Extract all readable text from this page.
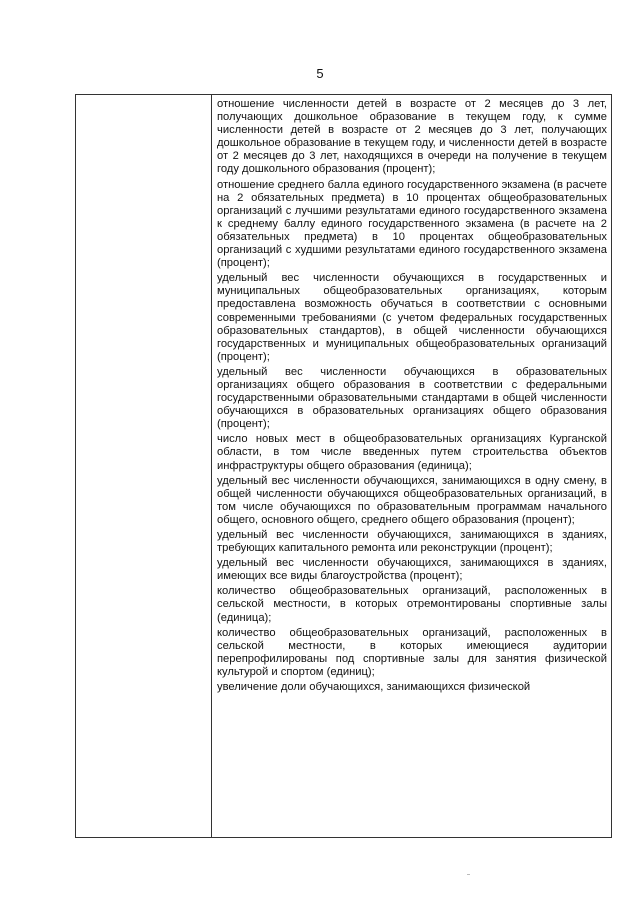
5

отношение численности детей в возрасте от 2 месяцев до 3 лет, получающих дошкольное образование в текущем году, к сумме численности детей в возрасте от 2 месяцев до 3 лет, получающих дошкольное образование в текущем году, и численности детей в возрасте от 2 месяцев до 3 лет, находящихся в очереди на получение в текущем году дошкольного образования (процент);

отношение среднего балла единого государственного экзамена (в расчете на 2 обязательных предмета) в 10 процентах общеобразовательных организаций с лучшими результатами единого государственного экзамена к среднему баллу единого государственного экзамена (в расчете на 2 обязательных предмета) в 10 процентах общеобразовательных организаций с худшими результатами единого государственного экзамена (процент);

удельный вес численности обучающихся в государственных и муниципальных общеобразовательных организациях, которым предоставлена возможность обучаться в соответствии с основными современными требованиями (с учетом федеральных государственных образовательных стандартов), в общей численности обучающихся государственных и муниципальных общеобразовательных организаций (процент);

удельный вес численности обучающихся в образовательных организациях общего образования в соответствии с федеральными государственными образовательными стандартами в общей численности обучающихся в образовательных организациях общего образования (процент);

число новых мест в общеобразовательных организациях Курганской области, в том числе введенных путем строительства объектов инфраструктуры общего образования (единица);

удельный вес численности обучающихся, занимающихся в одну смену, в общей численности обучающихся общеобразовательных организаций, в том числе обучающихся по образовательным программам начального общего, основного общего, среднего общего образования (процент);

удельный вес численности обучающихся, занимающихся в зданиях, требующих капитального ремонта или реконструкции (процент);

удельный вес численности обучающихся, занимающихся в зданиях, имеющих все виды благоустройства (процент);

количество общеобразовательных организаций, расположенных в сельской местности, в которых отремонтированы спортивные залы (единица);

количество общеобразовательных организаций, расположенных в сельской местности, в которых имеющиеся аудитории перепрофилированы под спортивные залы для занятия физической культурой и спортом (единиц);

увеличение доли обучающихся, занимающихся физической
